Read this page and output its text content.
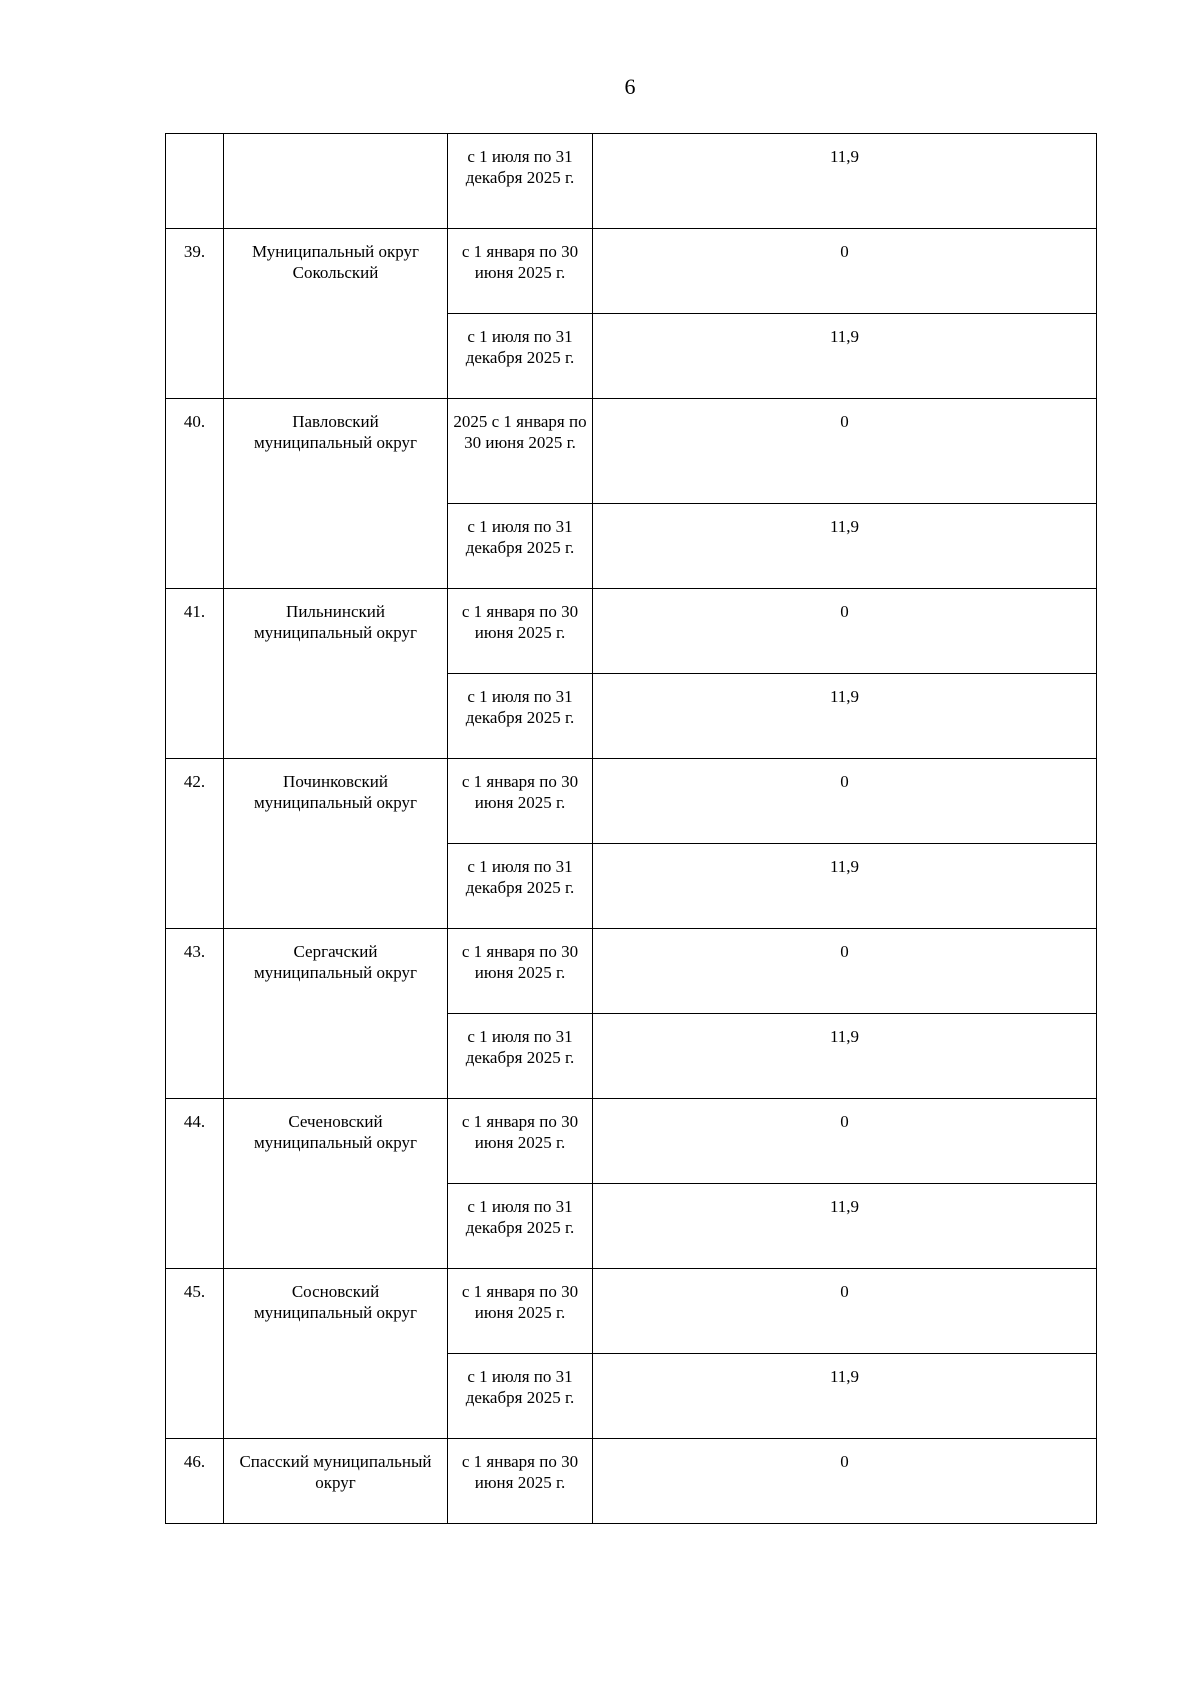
6
		с 1 июля по 31 декабря 2025 г.	11,9
39.	Муниципальный округ Сокольский	с 1 января по 30 июня 2025 г.	0
		с 1 июля по 31 декабря 2025 г.	11,9
40.	Павловский муниципальный округ	2025 с 1 января по 30 июня 2025 г.	0
		с 1 июля по 31 декабря 2025 г.	11,9
41.	Пильнинский муниципальный округ	с 1 января по 30 июня 2025 г.	0
		с 1 июля по 31 декабря 2025 г.	11,9
42.	Починковский муниципальный округ	с 1 января по 30 июня 2025 г.	0
		с 1 июля по 31 декабря 2025 г.	11,9
43.	Сергачский муниципальный округ	с 1 января по 30 июня 2025 г.	0
		с 1 июля по 31 декабря 2025 г.	11,9
44.	Сеченовский муниципальный округ	с 1 января по 30 июня 2025 г.	0
		с 1 июля по 31 декабря 2025 г.	11,9
45.	Сосновский муниципальный округ	с 1 января по 30 июня 2025 г.	0
		с 1 июля по 31 декабря 2025 г.	11,9
46.	Спасский муниципальный округ	с 1 января по 30 июня 2025 г.	0
